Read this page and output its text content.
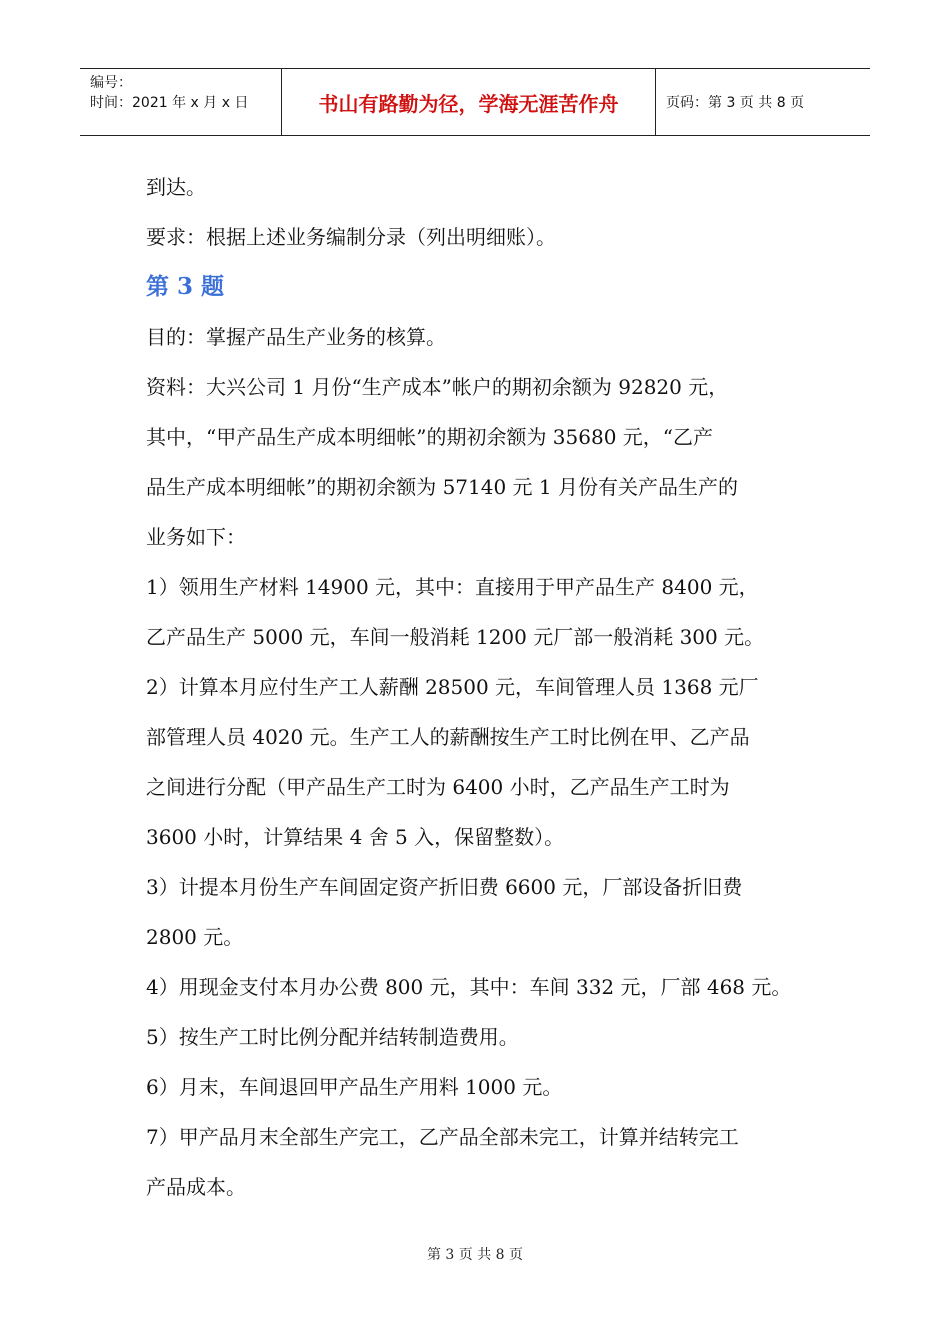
编号：
时间：2021 年 x 月 x 日	书山有路勤为径，学海无涯苦作舟	页码：第 3 页 共 8 页

到达。

要求：根据上述业务编制分录（列出明细账）。

第 3 题

目的：掌握产品生产业务的核算。

资料：大兴公司 1 月份“生产成本”帐户的期初余额为 92820 元，

其中，“甲产品生产成本明细帐”的期初余额为 35680 元，“乙产

品生产成本明细帐”的期初余额为 57140 元 1 月份有关产品生产的

业务如下：

1）领用生产材料 14900 元，其中：直接用于甲产品生产 8400 元，

乙产品生产 5000 元，车间一般消耗 1200 元厂部一般消耗 300 元。

2）计算本月应付生产工人薪酬 28500 元，车间管理人员 1368 元厂

部管理人员 4020 元。生产工人的薪酬按生产工时比例在甲、乙产品

之间进行分配（甲产品生产工时为 6400 小时，乙产品生产工时为

3600 小时，计算结果 4 舍 5 入，保留整数）。

3）计提本月份生产车间固定资产折旧费 6600 元，厂部设备折旧费

2800 元。

4）用现金支付本月办公费 800 元，其中：车间 332 元，厂部 468 元。

5）按生产工时比例分配并结转制造费用。

6）月末，车间退回甲产品生产用料 1000 元。

7）甲产品月末全部生产完工，乙产品全部未完工，计算并结转完工

产品成本。

第 3 页 共 8 页
